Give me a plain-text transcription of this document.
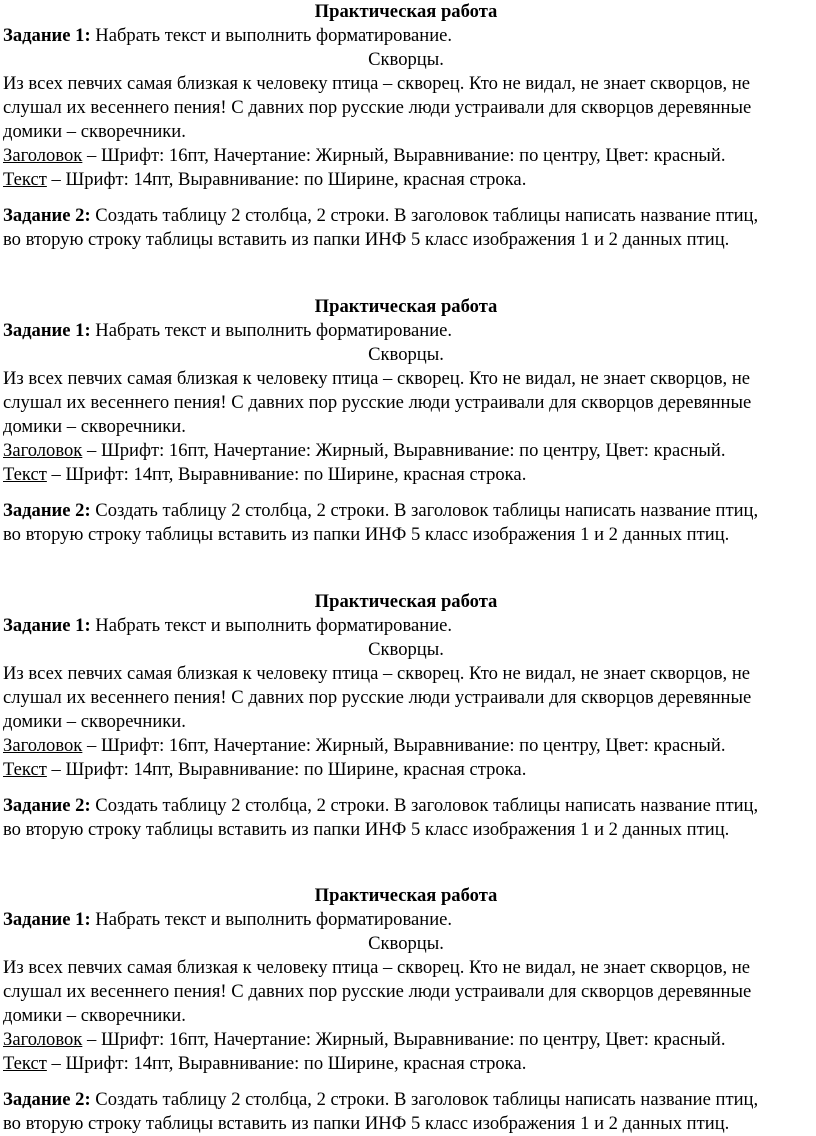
Практическая работа
Задание 1: Набрать текст и выполнить форматирование.
Скворцы.
Из всех певчих самая близкая к человеку птица – скворец. Кто не видал, не знает скворцов, не
слушал их весеннего пения! С давних пор русские люди устраивали для скворцов деревянные
домики – скворечники.
Заголовок – Шрифт: 16пт, Начертание: Жирный, Выравнивание: по центру, Цвет: красный.
Текст – Шрифт: 14пт, Выравнивание: по Ширине, красная строка.
Задание 2: Создать таблицу 2 столбца, 2 строки. В заголовок таблицы написать название птиц,
во вторую строку таблицы вставить из папки ИНФ 5 класс изображения 1 и 2 данных птиц.
Практическая работа
Задание 1: Набрать текст и выполнить форматирование.
Скворцы.
Из всех певчих самая близкая к человеку птица – скворец. Кто не видал, не знает скворцов, не
слушал их весеннего пения! С давних пор русские люди устраивали для скворцов деревянные
домики – скворечники.
Заголовок – Шрифт: 16пт, Начертание: Жирный, Выравнивание: по центру, Цвет: красный.
Текст – Шрифт: 14пт, Выравнивание: по Ширине, красная строка.
Задание 2: Создать таблицу 2 столбца, 2 строки. В заголовок таблицы написать название птиц,
во вторую строку таблицы вставить из папки ИНФ 5 класс изображения 1 и 2 данных птиц.
Практическая работа
Задание 1: Набрать текст и выполнить форматирование.
Скворцы.
Из всех певчих самая близкая к человеку птица – скворец. Кто не видал, не знает скворцов, не
слушал их весеннего пения! С давних пор русские люди устраивали для скворцов деревянные
домики – скворечники.
Заголовок – Шрифт: 16пт, Начертание: Жирный, Выравнивание: по центру, Цвет: красный.
Текст – Шрифт: 14пт, Выравнивание: по Ширине, красная строка.
Задание 2: Создать таблицу 2 столбца, 2 строки. В заголовок таблицы написать название птиц,
во вторую строку таблицы вставить из папки ИНФ 5 класс изображения 1 и 2 данных птиц.
Практическая работа
Задание 1: Набрать текст и выполнить форматирование.
Скворцы.
Из всех певчих самая близкая к человеку птица – скворец. Кто не видал, не знает скворцов, не
слушал их весеннего пения! С давних пор русские люди устраивали для скворцов деревянные
домики – скворечники.
Заголовок – Шрифт: 16пт, Начертание: Жирный, Выравнивание: по центру, Цвет: красный.
Текст – Шрифт: 14пт, Выравнивание: по Ширине, красная строка.
Задание 2: Создать таблицу 2 столбца, 2 строки. В заголовок таблицы написать название птиц,
во вторую строку таблицы вставить из папки ИНФ 5 класс изображения 1 и 2 данных птиц.
